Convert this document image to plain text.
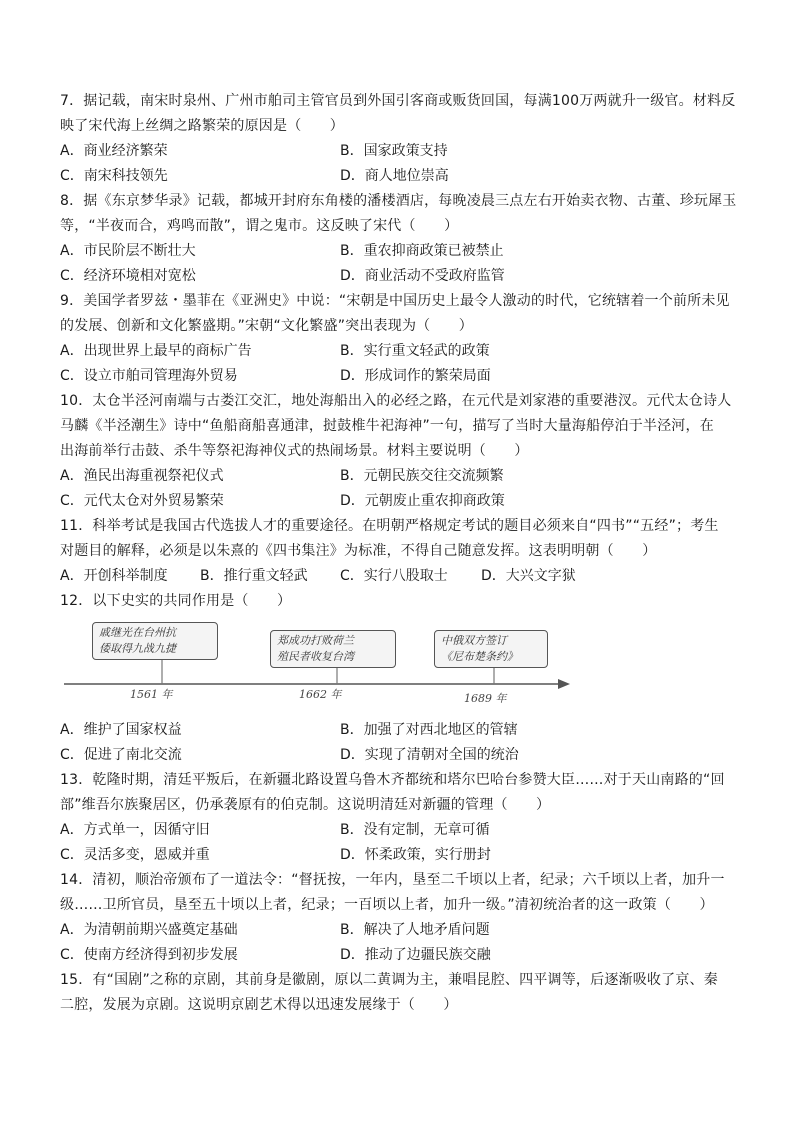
7．据记载，南宋时泉州、广州市舶司主管官员到外国引客商或贩货回国，每满100万两就升一级官。材料反
映了宋代海上丝绸之路繁荣的原因是（　　）
A．商业经济繁荣	B．国家政策支持
C．南宋科技领先	D．商人地位崇高
8．据《东京梦华录》记载，都城开封府东角楼的潘楼酒店，每晚凌晨三点左右开始卖衣物、古董、珍玩犀玉
等，“半夜而合，鸡鸣而散”，谓之鬼市。这反映了宋代（　　）
A．市民阶层不断壮大	B．重农抑商政策已被禁止
C．经济环境相对宽松	D．商业活动不受政府监管
9．美国学者罗兹・墨菲在《亚洲史》中说：“宋朝是中国历史上最令人激动的时代，它统辖着一个前所未见
的发展、创新和文化繁盛期。”宋朝“文化繁盛”突出表现为（　　）
A．出现世界上最早的商标广告	B．实行重文轻武的政策
C．设立市舶司管理海外贸易	D．形成词作的繁荣局面
10．太仓半泾河南端与古娄江交汇，地处海船出入的必经之路，在元代是刘家港的重要港汊。元代太仓诗人
马麟《半泾潮生》诗中“鱼船商船喜通津，挝鼓椎牛祀海神”一句，描写了当时大量海船停泊于半泾河，在
出海前举行击鼓、杀牛等祭祀海神仪式的热闹场景。材料主要说明（　　）
A．渔民出海重视祭祀仪式	B．元朝民族交往交流频繁
C．元代太仓对外贸易繁荣	D．元朝废止重农抑商政策
11．科举考试是我国古代选拔人才的重要途径。在明朝严格规定考试的题目必须来自“四书”“五经”；考生
对题目的解释，必须是以朱熹的《四书集注》为标准，不得自己随意发挥。这表明明朝（　　）
A．开创科举制度 B．推行重文轻武 C．实行八股取士 D．大兴文字狱
12．以下史实的共同作用是（　　）
戚继光在台州抗
倭取得九战九捷
1561 年
郑成功打败荷兰
殖民者收复台湾
1662 年
中俄双方签订
《尼布楚条约》
1689 年
A．维护了国家权益	B．加强了对西北地区的管辖
C．促进了南北交流	D．实现了清朝对全国的统治
13．乾隆时期，清廷平叛后，在新疆北路设置乌鲁木齐都统和塔尔巴哈台参赞大臣……对于天山南路的“回
部”维吾尔族聚居区，仍承袭原有的伯克制。这说明清廷对新疆的管理（　　）
A．方式单一，因循守旧	B．没有定制，无章可循
C．灵活多变，恩威并重	D．怀柔政策，实行册封
14．清初，顺治帝颁布了一道法令：“督抚按，一年内，垦至二千顷以上者，纪录；六千顷以上者，加升一
级……卫所官员，垦至五十顷以上者，纪录；一百顷以上者，加升一级。”清初统治者的这一政策（　　）
A．为清朝前期兴盛奠定基础	B．解决了人地矛盾问题
C．使南方经济得到初步发展	D．推动了边疆民族交融
15．有“国剧”之称的京剧，其前身是徽剧，原以二黄调为主，兼唱昆腔、四平调等，后逐渐吸收了京、秦
二腔，发展为京剧。这说明京剧艺术得以迅速发展缘于（　　）
